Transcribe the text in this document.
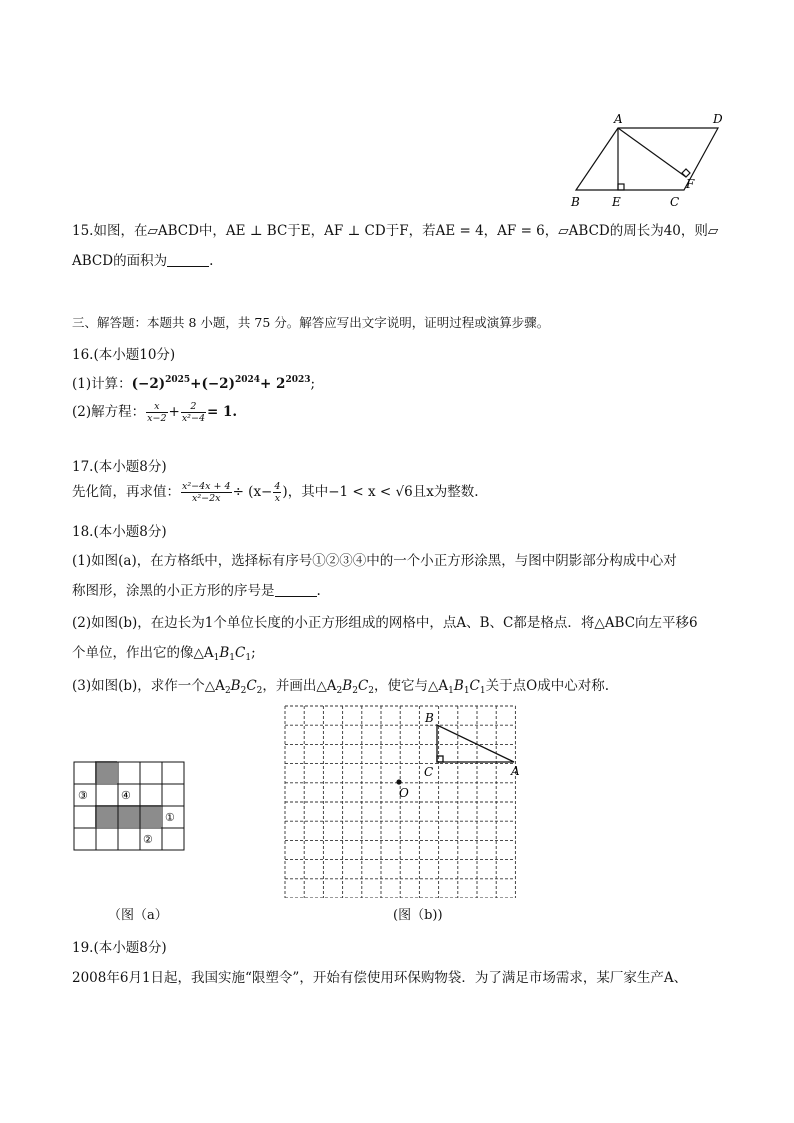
A	D
B	E	C
F
15.如图，在▱ABCD中，AE ⊥ BC于E，AF ⊥ CD于F，若AE = 4，AF = 6，▱ABCD的周长为40，则▱
ABCD的面积为	.
三、解答题：本题共 8 小题，共 75 分。解答应写出文字说明，证明过程或演算步骤。
16.(本小题10分)
(1)计算：$(-2)^{2025}+(-2)^{2024}+ 2^{2023}$;
(2)解方程： $\frac{x}{x-2} + \frac{2}{\text{x²−4}} = 1$.
17.(本小题8分)
先化简，再求值： $\frac{\text{x²−4x + 4}}{\text{x²−2x}} \div (x- \frac{4}{x}$ )，其中−1 < x < √6且x为整数.
18.(本小题8分)
(1)如图(a)，在方格纸中，选择标有序号①②③④中的一个小正方形涂黑，与图中阴影部分构成中心对
称图形，涂黑的小正方形的序号是	.
(2)如图(b)，在边长为1个单位长度的小正方形组成的网格中，点A、B、C都是格点．将△ABC向左平移6
个单位，作出它的像$\triangle A_1B_1C_1$;
(3)如图(b)，求作一个$\triangle A_2B_2C_2$，并画出$\triangle A_2B_2C_2$，使它与$\triangle A_1B_1C_1$关于点O成中心对称.
③	④
①
②
（图（a）
B
C	A
O
(图（b))
19.(本小题8分)
2008年6月1日起，我国实施“限塑令”，开始有偿使用环保购物袋．为了满足市场需求，某厂家生产A、
